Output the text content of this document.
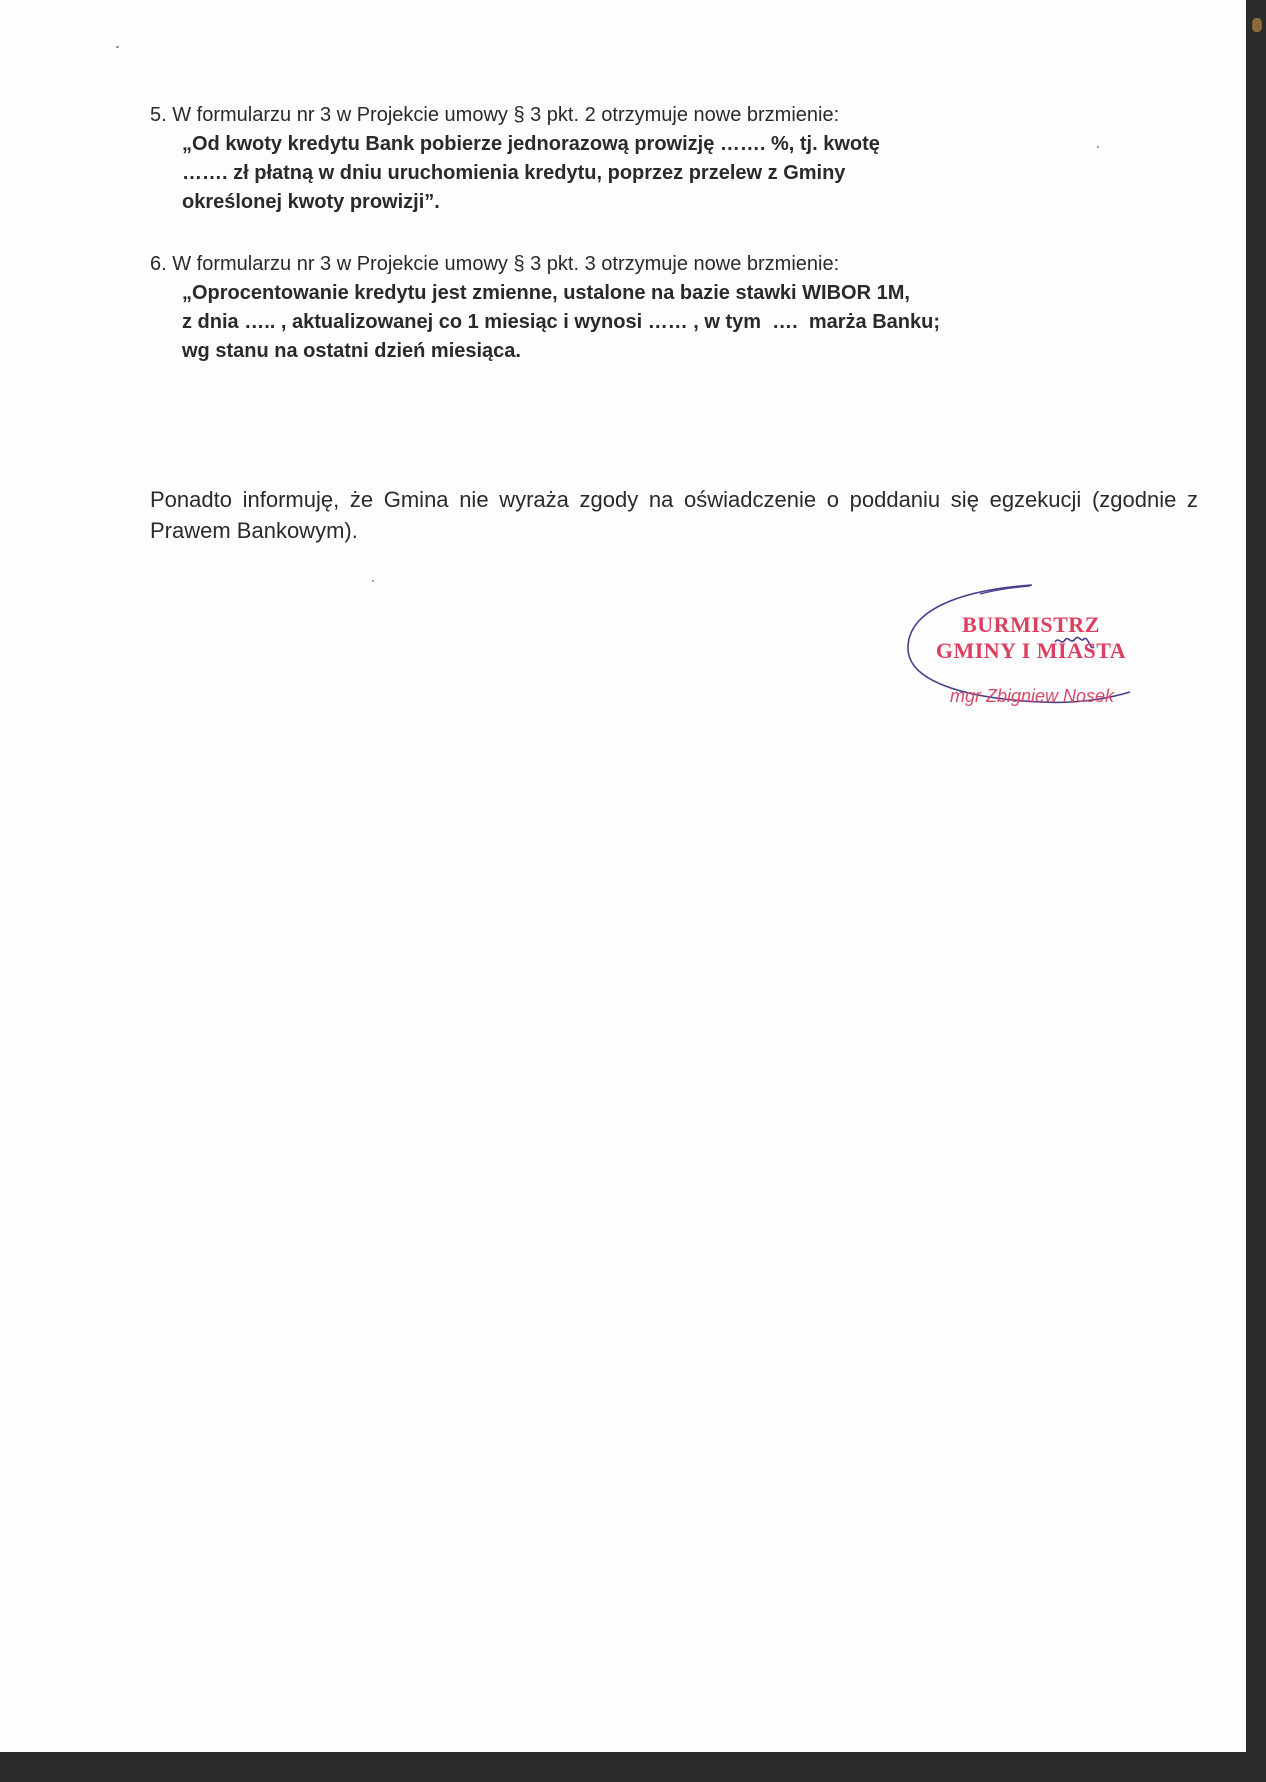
5. W formularzu nr 3 w Projekcie umowy § 3 pkt. 2 otrzymuje nowe brzmienie:
„Od kwoty kredytu Bank pobierze jednorazową prowizję ……. %, tj. kwotę
……. zł płatną w dniu uruchomienia kredytu, poprzez przelew z Gminy
określonej kwoty prowizji”.
6. W formularzu nr 3 w Projekcie umowy § 3 pkt. 3 otrzymuje nowe brzmienie:
„Oprocentowanie kredytu jest zmienne, ustalone na bazie stawki WIBOR 1M,
z dnia ….. , aktualizowanej co 1 miesiąc i wynosi …… , w tym  ….  marża Banku;
wg stanu na ostatni dzień miesiąca.
Ponadto informuję, że Gmina nie wyraża zgody na oświadczenie o poddaniu się egzekucji (zgodnie z Prawem Bankowym).
BURMISTRZ
GMINY I MIASTA
mgr Zbigniew Nosek
